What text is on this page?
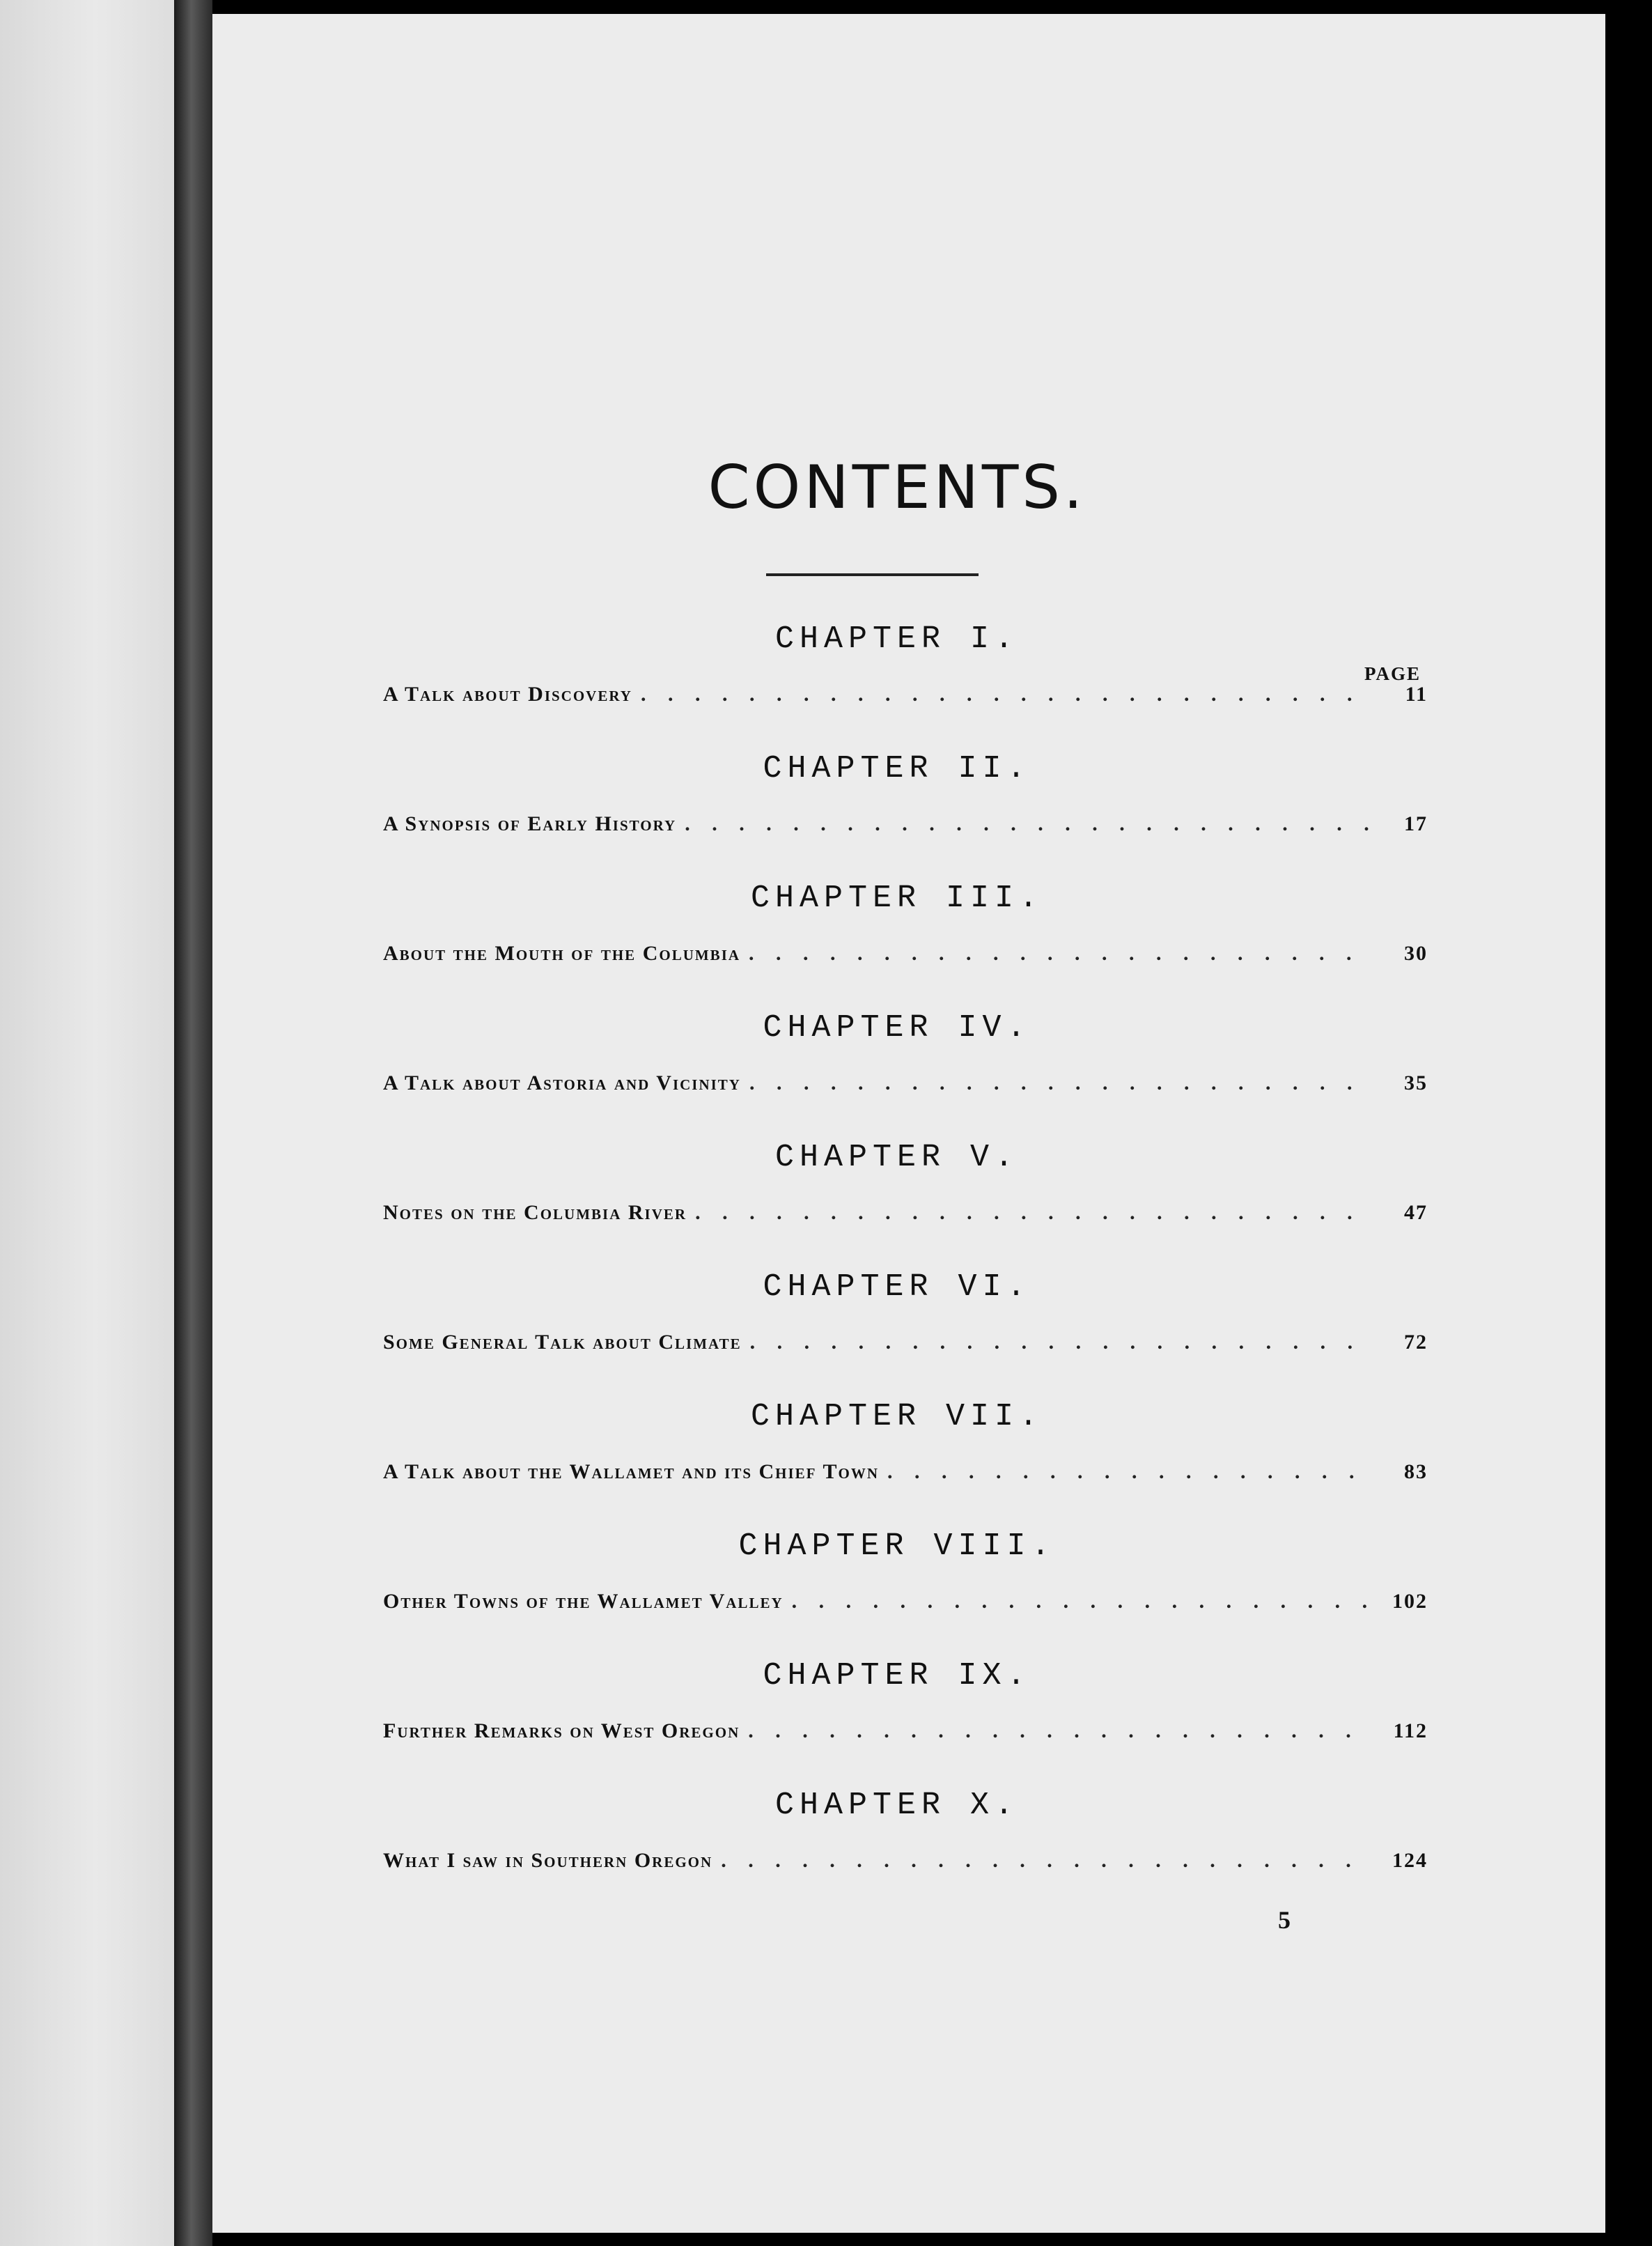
CONTENTS.
PAGE
CHAPTER I.
A Talk about Discovery . . .	11
CHAPTER II.
A Synopsis of Early History . . .	17
CHAPTER III.
About the Mouth of the Columbia . . .	30
CHAPTER IV.
A Talk about Astoria and Vicinity . . .	35
CHAPTER V.
Notes on the Columbia River . . .	47
CHAPTER VI.
Some General Talk about Climate . . .	72
CHAPTER VII.
A Talk about the Wallamet and its Chief Town . . .	83
CHAPTER VIII.
Other Towns of the Wallamet Valley . . .	102
CHAPTER IX.
Further Remarks on West Oregon . . .	112
CHAPTER X.
What I saw in Southern Oregon . . .	124
5
